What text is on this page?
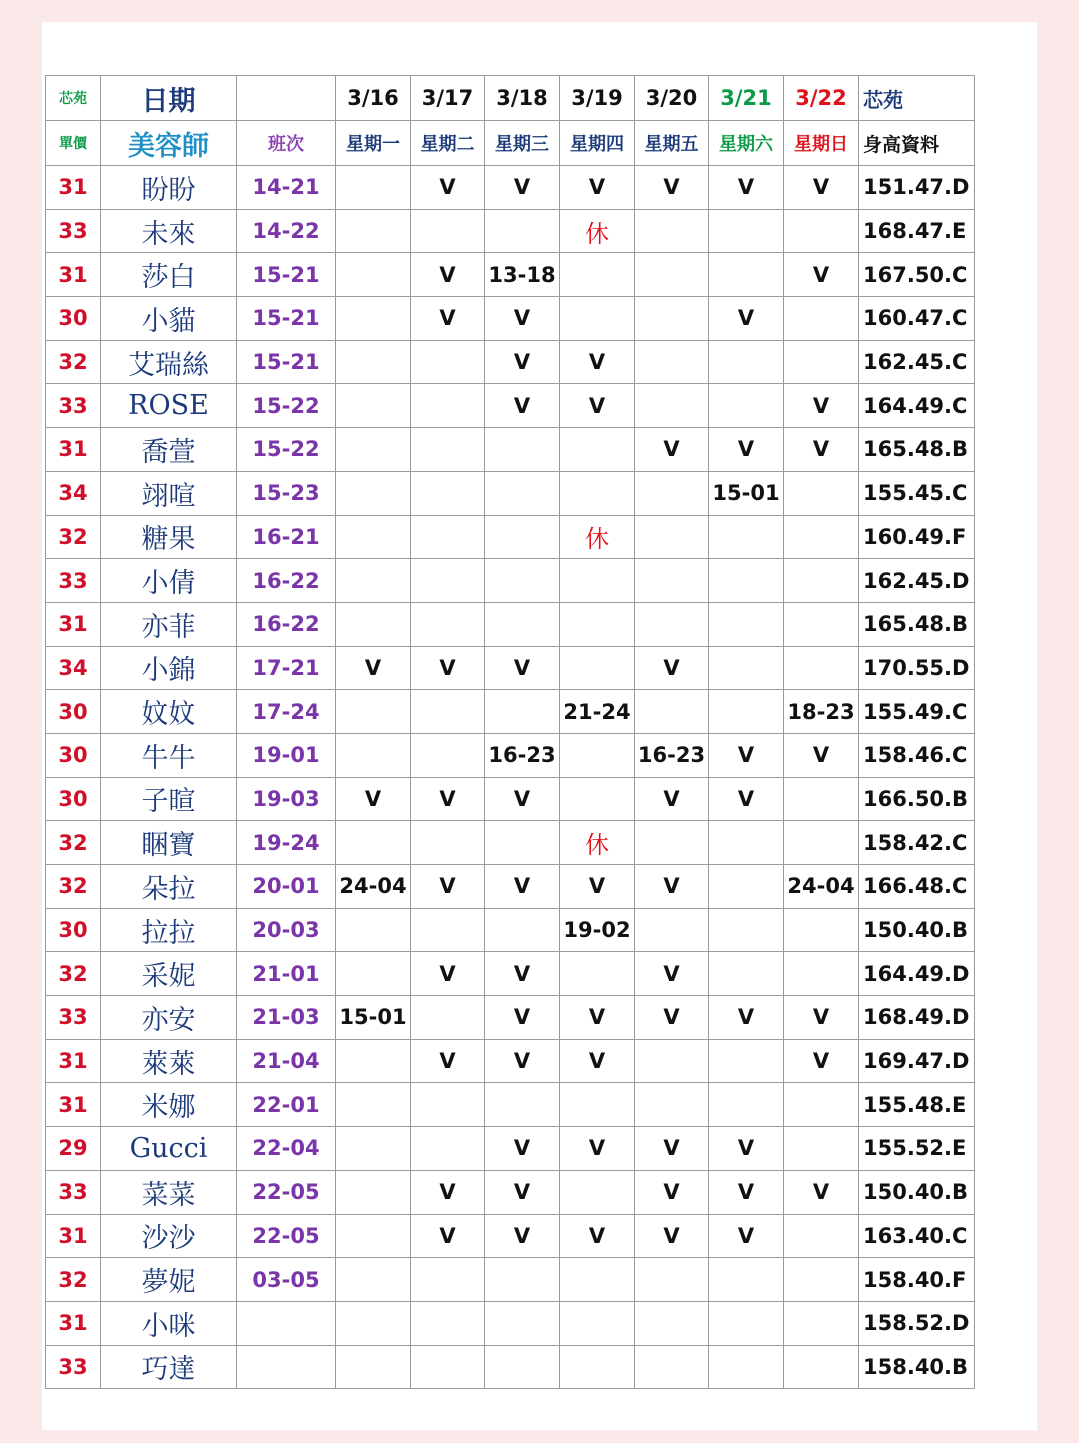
芯苑	日期		3/16	3/17	3/18	3/19	3/20	3/21	3/22	芯苑
單價	美容師	班次	星期一	星期二	星期三	星期四	星期五	星期六	星期日	身高資料
31	盼盼	14-21		V	V	V	V	V	V	151.47.D
33	未來	14-22				休				168.47.E
31	莎白	15-21		V	13-18				V	167.50.C
30	小貓	15-21		V	V			V		160.47.C
32	艾瑞絲	15-21			V	V				162.45.C
33	ROSE	15-22			V	V			V	164.49.C
31	喬萱	15-22					V	V	V	165.48.B
34	翊喧	15-23						15-01		155.45.C
32	糖果	16-21				休				160.49.F
33	小倩	16-22								162.45.D
31	亦菲	16-22								165.48.B
34	小錦	17-21	V	V	V		V			170.55.D
30	妏妏	17-24				21-24			18-23	155.49.C
30	牛牛	19-01			16-23		16-23	V	V	158.46.C
30	子暄	19-03	V	V	V		V	V		166.50.B
32	睏寶	19-24				休				158.42.C
32	朵拉	20-01	24-04	V	V	V	V		24-04	166.48.C
30	拉拉	20-03				19-02				150.40.B
32	采妮	21-01		V	V		V			164.49.D
33	亦安	21-03	15-01		V	V	V	V	V	168.49.D
31	萊萊	21-04		V	V	V			V	169.47.D
31	米娜	22-01								155.48.E
29	Gucci	22-04			V	V	V	V		155.52.E
33	菜菜	22-05		V	V		V	V	V	150.40.B
31	沙沙	22-05		V	V	V	V	V		163.40.C
32	夢妮	03-05								158.40.F
31	小咪									158.52.D
33	巧達									158.40.B
